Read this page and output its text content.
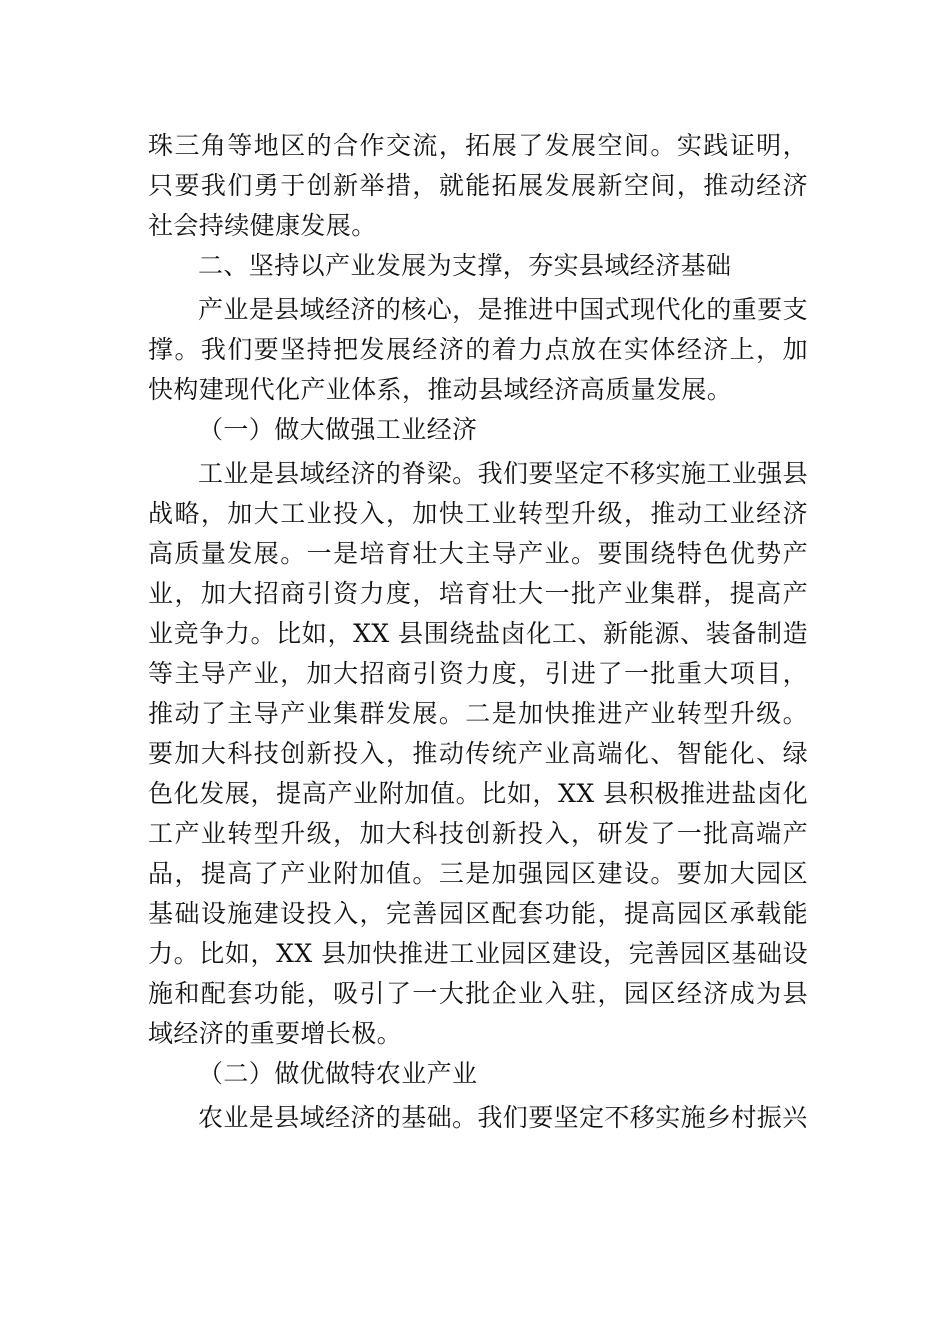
珠三角等地区的合作交流，拓展了发展空间。实践证明，只要我们勇于创新举措，就能拓展发展新空间，推动经济社会持续健康发展。

二、坚持以产业发展为支撑，夯实县域经济基础

产业是县域经济的核心，是推进中国式现代化的重要支撑。我们要坚持把发展经济的着力点放在实体经济上，加快构建现代化产业体系，推动县域经济高质量发展。

（一）做大做强工业经济

工业是县域经济的脊梁。我们要坚定不移实施工业强县战略，加大工业投入，加快工业转型升级，推动工业经济高质量发展。一是培育壮大主导产业。要围绕特色优势产业，加大招商引资力度，培育壮大一批产业集群，提高产业竞争力。比如，XX 县围绕盐卤化工、新能源、装备制造等主导产业，加大招商引资力度，引进了一批重大项目，推动了主导产业集群发展。二是加快推进产业转型升级。要加大科技创新投入，推动传统产业高端化、智能化、绿色化发展，提高产业附加值。比如，XX 县积极推进盐卤化工产业转型升级，加大科技创新投入，研发了一批高端产品，提高了产业附加值。三是加强园区建设。要加大园区基础设施建设投入，完善园区配套功能，提高园区承载能力。比如，XX 县加快推进工业园区建设，完善园区基础设施和配套功能，吸引了一大批企业入驻，园区经济成为县域经济的重要增长极。

（二）做优做特农业产业

农业是县域经济的基础。我们要坚定不移实施乡村振兴
